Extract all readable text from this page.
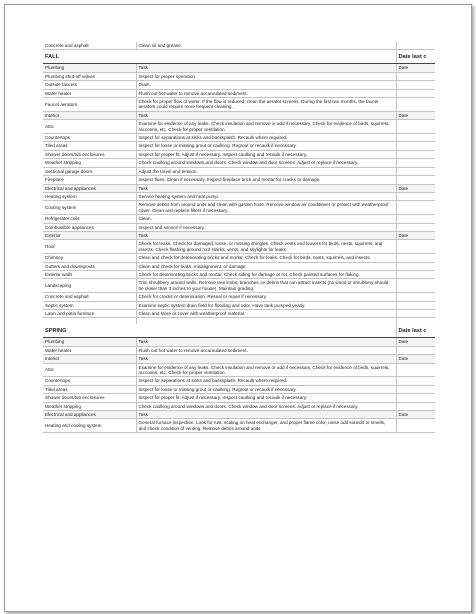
Concrete and asphalt	Clean oil and grease.	
FALL		Date last c
Plumbing	Task	Date
Plumbing shut-off valves	Inspect for proper operation.	
Outside faucets	Drain.	
Water heater	Flush out hot water to remove accumulated sediment.	
Faucet aerators	Check for proper flow of water. If the flow is reduced, clean the aerator screens. During the first two months, the faucet aerators could require more frequent cleaning.	
Interior	Task	Date
Attic	Examine for evidence of any leaks. Check insulation and remove or add if necessary. Check for evidence of birds, squirrels, raccoons, etc. Check for proper ventilation.	
Countertops	Inspect for separations at sinks and backsplash. Recaulk where required.	
Tiled areas	Inspect for loose or missing grout or caulking. Regrout or recaulk if necessary.	
Shower doors/tub enclosures	Inspect for proper fit. Adjust if necessary. Inspect caulking and recaulk if necessary.	
Weather stripping	Check caulking around windows and doors. Check window and door screens. Adjust or replace if necessary.	
Sectional garage doors	Adjust the travel and tension.	
Fireplace	Inspect flues. Clean if necessary. Inspect fireplace brick and mortar for cracks or damage.	
Electrical and appliances	Task	Date
Heating system	Service heating system and heat pump.	
Cooling system	Remove debris from around units and clean with garden hose. Remove window air conditioner or protect with weatherproof cover. Clean and replace filters if necessary.	
Refrigerator coils	Clean.	
Combustible appliances	Inspect and service if necessary.	
Exterior	Task	Date
Roof	Check for leaks. Check for damaged, loose, or missing shingles. Check vents and louvers for birds, nests, squirrels, and insects. Check flashing around roof stacks, vents, and skylights for leaks.	
Chimney	Clean and check for deteriorating bricks and mortar. Check for leaks. Check for birds, nests, squirrels, and insects.	
Gutters and downspouts	Clean and check for leaks, misalignment, or damage.	
Exterior walls	Check for deteriorating bricks and mortar. Check siding for damage or rot. Check painted surfaces for flaking.	
Landscaping	Trim shrubbery around walls. Remove tree limbs, branches, or debris that can attract insects (no wood or shrubbery should be closer than 3 inches to your house). Maintain grading.	
Concrete and asphalt	Check for cracks or deterioration. Reseal or repair if necessary.	
Septic system	Examine septic system drain field for flooding and odor. Have tank pumped yearly.	
Lawn and patio furniture	Clean and store or cover with weatherproof material.	

SPRING		Date last c
Plumbing	Task	Date
Water heater	Flush out hot water to remove accumulated sediment.	
Interior	Task	Date
Attic	Examine for evidence of any leaks. Check insulation and remove or add if necessary. Check for evidence of birds, squirrels, raccoons, etc. Check for proper ventilation.	
Countertops	Inspect for separations at sinks and backsplash. Recaulk where required.	
Tiled areas	Inspect for loose or missing grout or caulking. Regrout or recaulk if necessary.	
Shower doors/tub enclosures	Inspect for proper fit. Adjust if necessary. Inspect caulking and recaulk if necessary.	
Weather stripping	Check caulking around windows and doors. Check window and door screens. Adjust or replace if necessary.	
Electrical and appliances	Task	Date
Heating and cooling system	General furnace inspection. Look for rust, scaling on heat exchanger, and proper flame color, noise odd sounds or smells, and check condition of venting. Remove debris around units.	
